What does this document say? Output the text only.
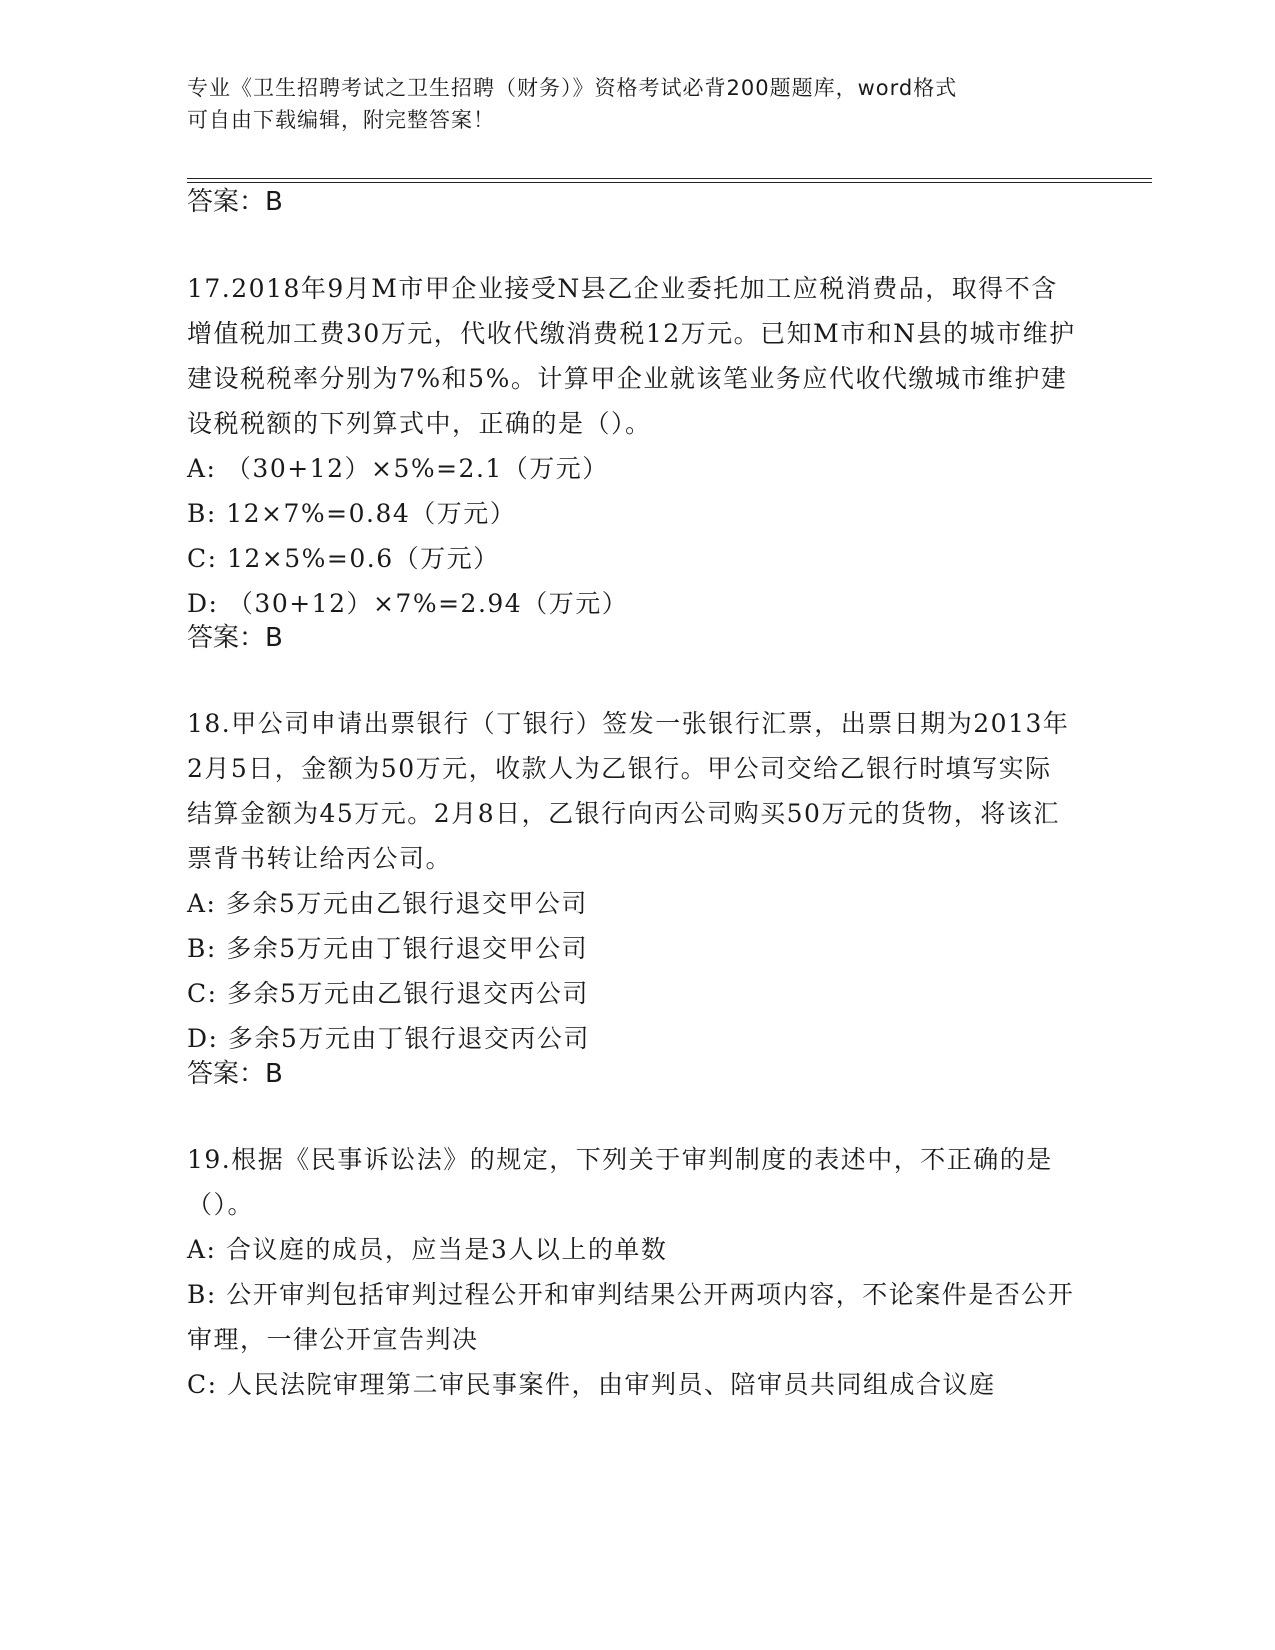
专业《卫生招聘考试之卫生招聘（财务）》资格考试必背200题题库，word格式
可自由下载编辑，附完整答案！
答案：B

17.2018年9月M市甲企业接受N县乙企业委托加工应税消费品，取得不含增值税加工费30万元，代收代缴消费税12万元。已知M市和N县的城市维护建设税税率分别为7%和5%。计算甲企业就该笔业务应代收代缴城市维护建设税税额的下列算式中，正确的是（）。

A: （30+12）×5%=2.1（万元）

B: 12×7%=0.84（万元）

C: 12×5%=0.6（万元）

D: （30+12）×7%=2.94（万元）

答案：B

18.甲公司申请出票银行（丁银行）签发一张银行汇票，出票日期为2013年2月5日，金额为50万元，收款人为乙银行。甲公司交给乙银行时填写实际结算金额为45万元。2月8日，乙银行向丙公司购买50万元的货物，将该汇票背书转让给丙公司。

A: 多余5万元由乙银行退交甲公司

B: 多余5万元由丁银行退交甲公司

C: 多余5万元由乙银行退交丙公司

D: 多余5万元由丁银行退交丙公司

答案：B

19.根据《民事诉讼法》的规定，下列关于审判制度的表述中，不正确的是（）。

A: 合议庭的成员，应当是3人以上的单数

B: 公开审判包括审判过程公开和审判结果公开两项内容，不论案件是否公开审理，一律公开宣告判决

C: 人民法院审理第二审民事案件，由审判员、陪审员共同组成合议庭
